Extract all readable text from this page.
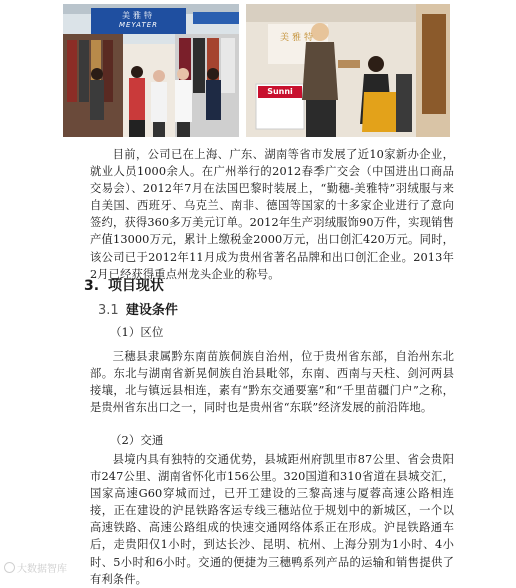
美雅特
MEYATER
美雅特
Sunni

目前，公司已在上海、广东、湖南等省市发展了近10家新办企业，就业人员1000余人。在广州举行的2012春季广交会（中国进出口商品交易会）、2012年7月在法国巴黎时装展上，“勤穗-美雅特”羽绒服与来自美国、西班牙、乌克兰、南非、德国等国家的十多家企业进行了意向签约，获得360多万美元订单。2012年生产羽绒服饰90万件，实现销售产值13000万元，累计上缴税金2000万元，出口创汇420万元。同时，该公司已于2012年11月成为贵州省著名品牌和出口创汇企业。2013年2月已经获得重点州龙头企业的称号。

3. 项目现状
3.1 建设条件

（1）区位

三穗县隶属黔东南苗族侗族自治州，位于贵州省东部，自治州东北部。东北与湖南省新晃侗族自治县毗邻，东南、西南与天柱、剑河两县接壤，北与镇远县相连，素有“黔东交通要塞”和“千里苗疆门户”之称，是贵州省东出口之一，同时也是贵州省“东联”经济发展的前沿阵地。

（2）交通

县境内具有独特的交通优势，县城距州府凯里市87公里、省会贵阳市247公里、湖南省怀化市156公里。320国道和310省道在县城交汇，国家高速G60穿城而过，已开工建设的三黎高速与厦蓉高速公路相连接，正在建设的沪昆铁路客运专线三穗站位于规划中的新城区，一个以高速铁路、高速公路组成的快速交通网络体系正在形成。沪昆铁路通车后，走贵阳仅1小时，到达长沙、昆明、杭州、上海分别为1小时、4小时、5小时和6小时。交通的便捷为三穗鸭系列产品的运输和销售提供了有利条件。

大数据智库
